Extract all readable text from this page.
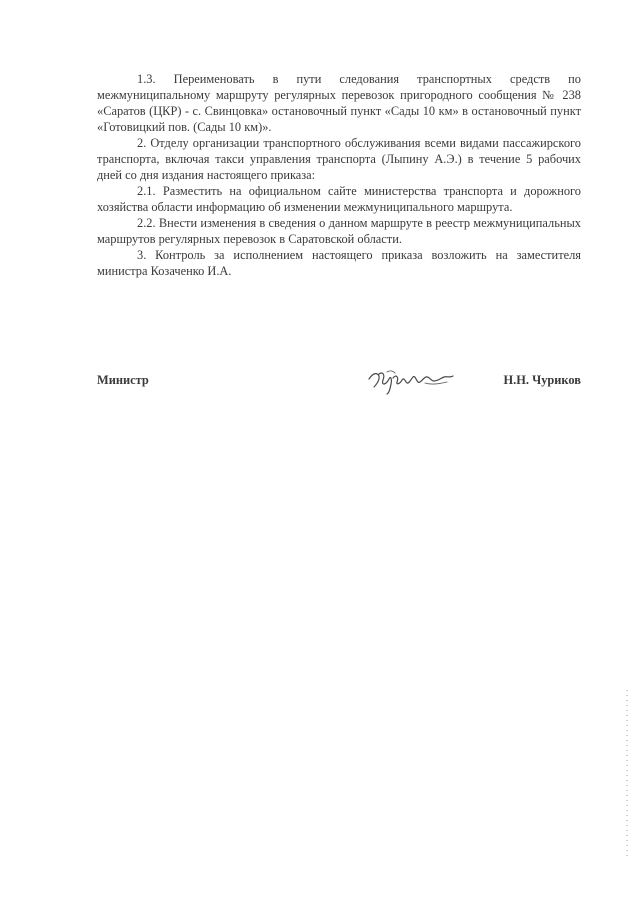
1.3. Переименовать в пути следования транспортных средств по межмуниципальному маршруту регулярных перевозок пригородного сообщения № 238 «Саратов (ЦКР) - с. Свинцовка» остановочный пункт «Сады 10 км» в остановочный пункт «Готовицкий пов. (Сады 10 км)».

2. Отделу организации транспортного обслуживания всеми видами пассажирского транспорта, включая такси управления транспорта (Лыпину А.Э.) в течение 5 рабочих дней со дня издания настоящего приказа:

2.1. Разместить на официальном сайте министерства транспорта и дорожного хозяйства области информацию об изменении межмуниципального маршрута.

2.2. Внести изменения в сведения о данном маршруте в реестр межмуниципальных маршрутов регулярных перевозок в Саратовской области.

3. Контроль за исполнением настоящего приказа возложить на заместителя министра Козаченко И.А.

Министр	Н.Н. Чуриков
